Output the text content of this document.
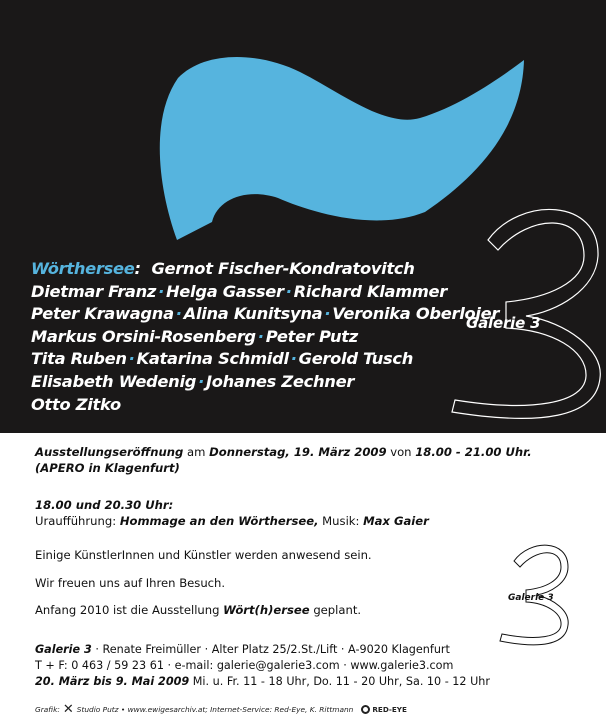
Galerie 3
Wörthersee: Gernot Fischer-Kondratovitch
Dietmar Franz · Helga Gasser · Richard Klammer
Peter Krawagna · Alina Kunitsyna · Veronika Oberlojer
Markus Orsini-Rosenberg · Peter Putz
Tita Ruben · Katarina Schmidl · Gerold Tusch
Elisabeth Wedenig · Johanes Zechner
Otto Zitko
Ausstellungseröffnung am Donnerstag, 19. März 2009 von 18.00 - 21.00 Uhr.
(APERO in Klagenfurt)
18.00 und 20.30 Uhr:
Uraufführung: Hommage an den Wörthersee, Musik: Max Gaier
Einige KünstlerInnen und Künstler werden anwesend sein.
Wir freuen uns auf Ihren Besuch.
Anfang 2010 ist die Ausstellung Wört(h)ersee geplant.
Galerie 3
Galerie 3 · Renate Freimüller · Alter Platz 25/2.St./Lift · A-9020 Klagenfurt
T + F: 0 463 / 59 23 61 · e-mail: galerie@galerie3.com · www.galerie3.com
20. März bis 9. Mai 2009 Mi. u. Fr. 11 - 18 Uhr, Do. 11 - 20 Uhr, Sa. 10 - 12 Uhr
Grafik: ✕ Studio Putz • www.ewigesarchiv.at; Internet-Service: Red-Eye, K. Rittmann	RED-EYE
